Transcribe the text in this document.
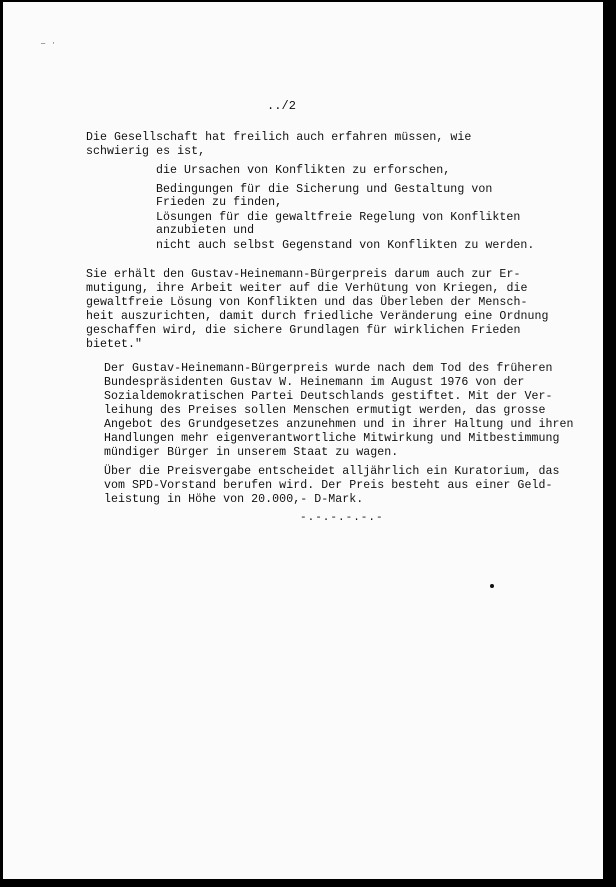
— ·
../2
Die Gesellschaft hat freilich auch erfahren müssen, wie
schwierig es ist,
die Ursachen von Konflikten zu erforschen,
Bedingungen für die Sicherung und Gestaltung von
Frieden zu finden,
Lösungen für die gewaltfreie Regelung von Konflikten
anzubieten und
nicht auch selbst Gegenstand von Konflikten zu werden.
Sie erhält den Gustav-Heinemann-Bürgerpreis darum auch zur Er-
mutigung, ihre Arbeit weiter auf die Verhütung von Kriegen, die
gewaltfreie Lösung von Konflikten und das Überleben der Mensch-
heit auszurichten, damit durch friedliche Veränderung eine Ordnung
geschaffen wird, die sichere Grundlagen für wirklichen Frieden
bietet."
Der Gustav-Heinemann-Bürgerpreis wurde nach dem Tod des früheren
Bundespräsidenten Gustav W. Heinemann im August 1976 von der
Sozialdemokratischen Partei Deutschlands gestiftet. Mit der Ver-
leihung des Preises sollen Menschen ermutigt werden, das grosse
Angebot des Grundgesetzes anzunehmen und in ihrer Haltung und ihren
Handlungen mehr eigenverantwortliche Mitwirkung und Mitbestimmung
mündiger Bürger in unserem Staat zu wagen.
Über die Preisvergabe entscheidet alljährlich ein Kuratorium, das
vom SPD-Vorstand berufen wird. Der Preis besteht aus einer Geld-
leistung in Höhe von 20.000,- D-Mark.
-.-.-.-.-.-
